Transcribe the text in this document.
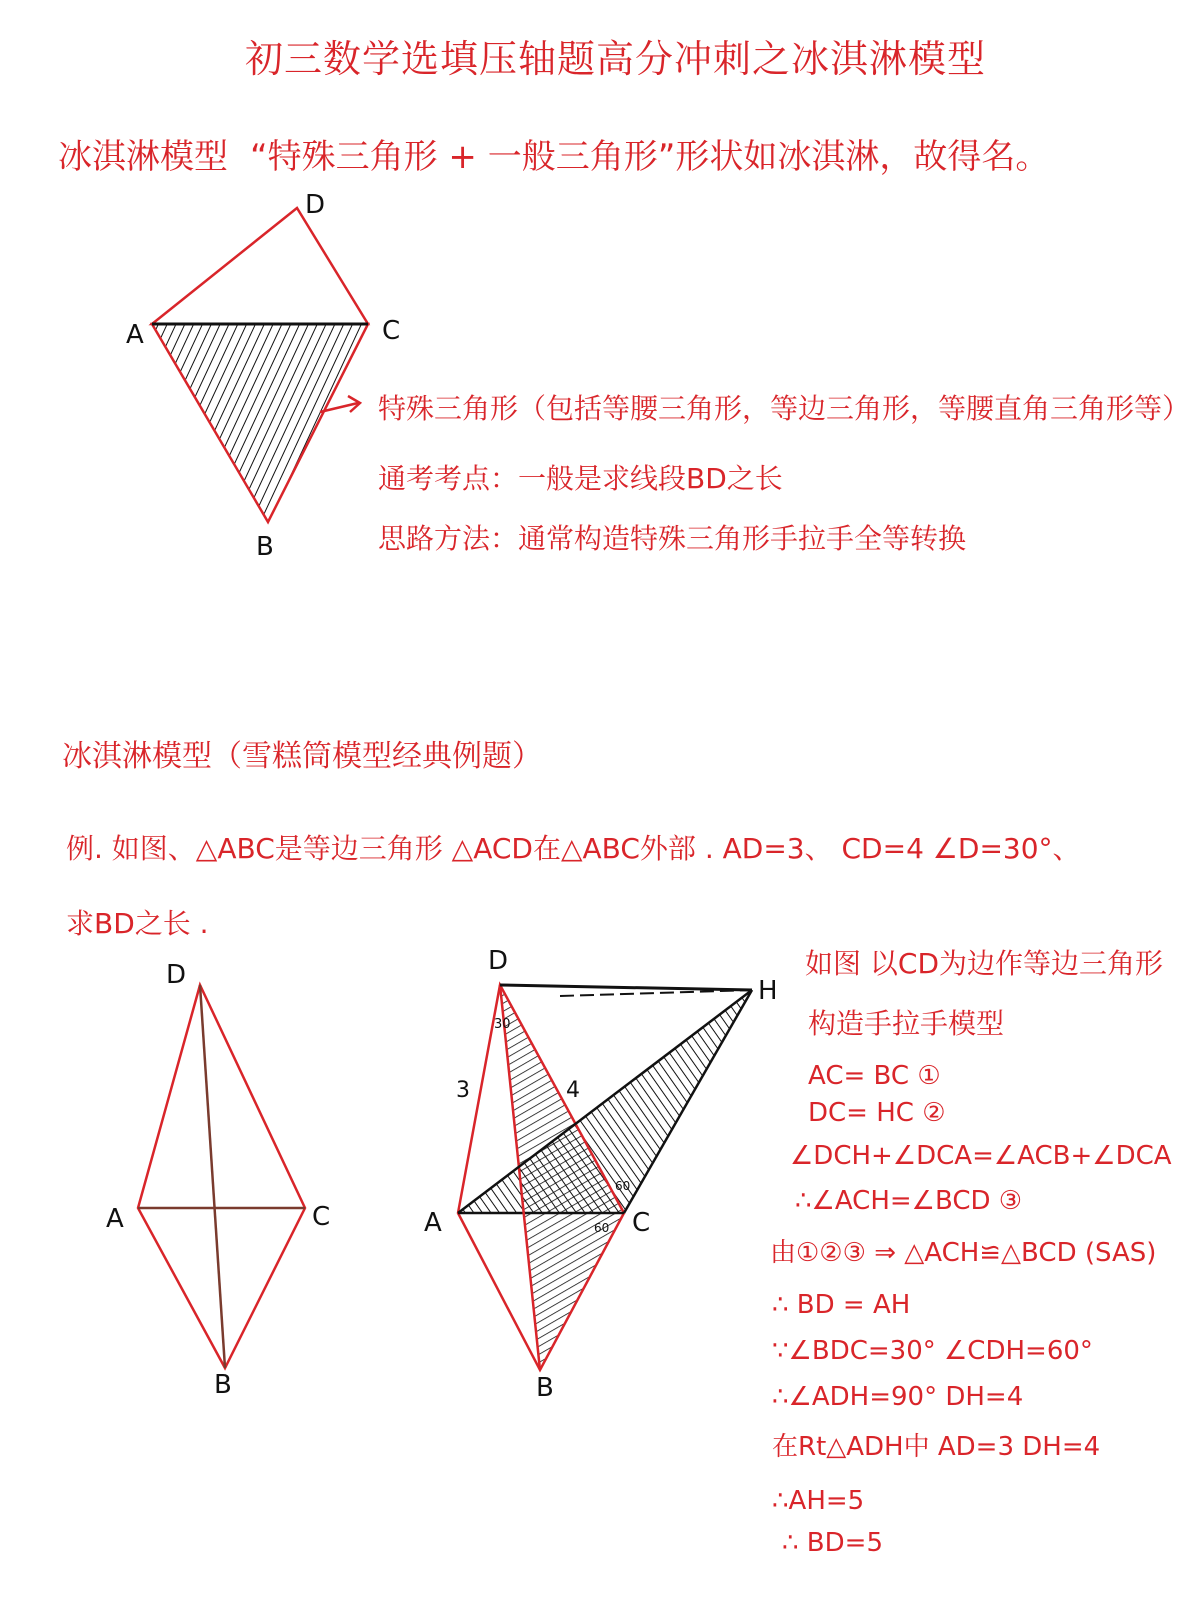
初三数学选填压轴题高分冲刺之冰淇淋模型
冰淇淋模型 “特殊三角形 + 一般三角形”形状如冰淇淋，故得名。
D
A	C
B
特殊三角形（包括等腰三角形，等边三角形，等腰直角三角形等）
通考考点：一般是求线段BD之长
思路方法：通常构造特殊三角形手拉手全等转换
冰淇淋模型（雪糕筒模型经典例题）
例. 如图、△ABC是等边三角形 △ACD在△ABC外部 . AD=3、 CD=4 ∠D=30°、
求BD之长 .
D
A	C
B
D
H
A	C
B
3	4
30
60
60
如图 以CD为边作等边三角形
构造手拉手模型
AC= BC ①
DC= HC ②
∠DCH+∠DCA=∠ACB+∠DCA
∴∠ACH=∠BCD ③
由①②③ ⇒ △ACH≌△BCD (SAS)
∴ BD = AH
∵∠BDC=30° ∠CDH=60°
∴∠ADH=90° DH=4
在Rt△ADH中 AD=3 DH=4
∴AH=5
∴ BD=5
